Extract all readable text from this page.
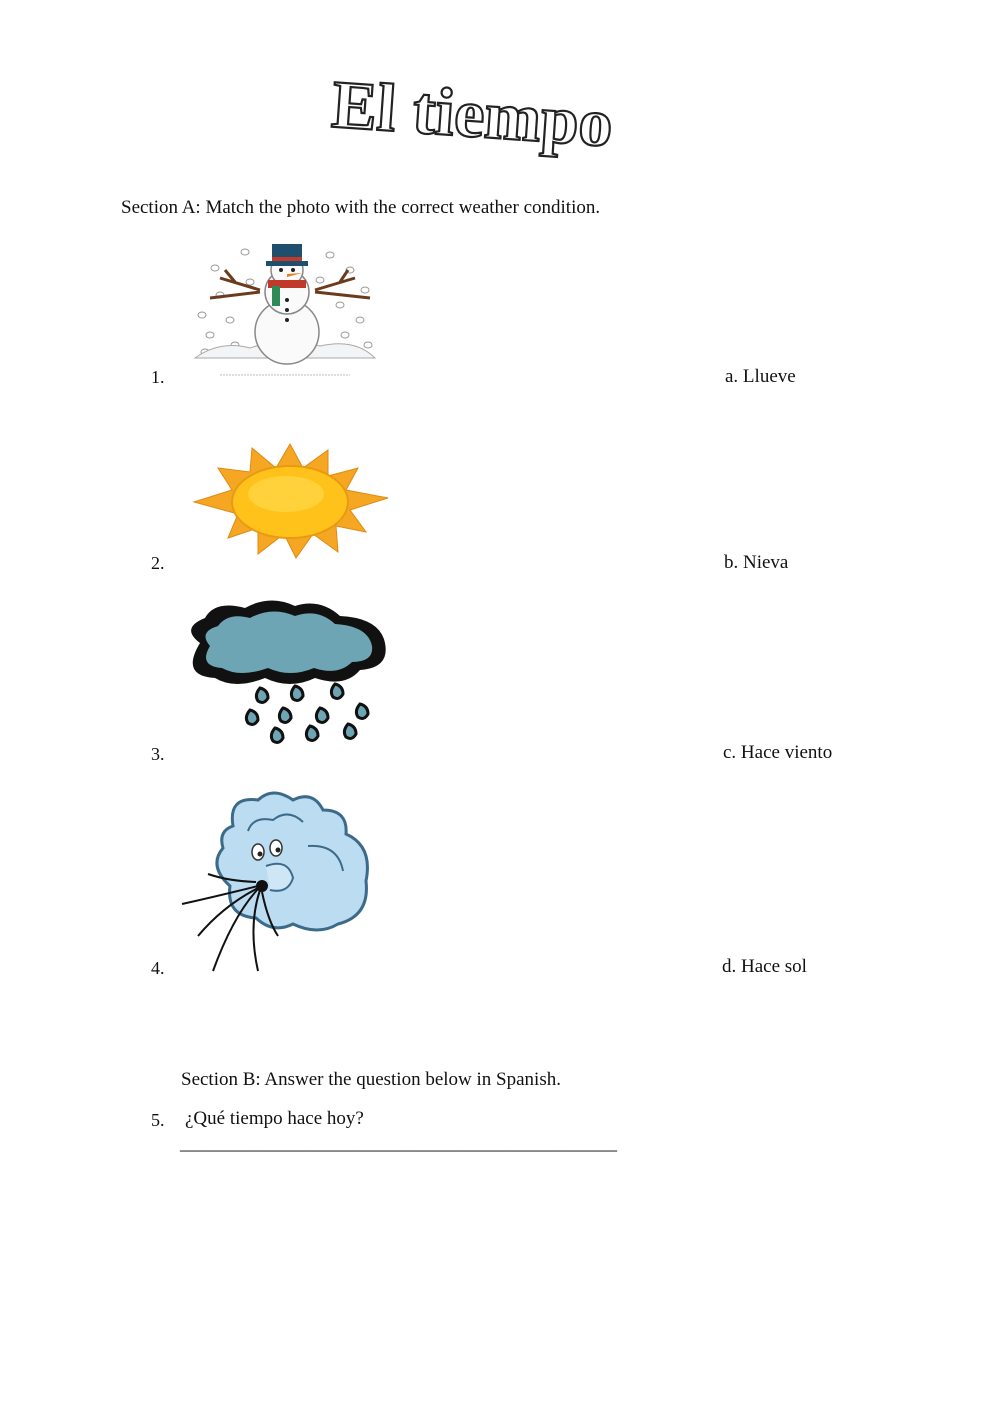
El tiempo
Section A: Match the photo with the correct weather condition.
1.
2.
3.
4.
a. Llueve
b. Nieva
c. Hace viento
d. Hace sol
Section B: Answer the question below in Spanish.
5. ¿Qué tiempo hace hoy?
______________________________________________
